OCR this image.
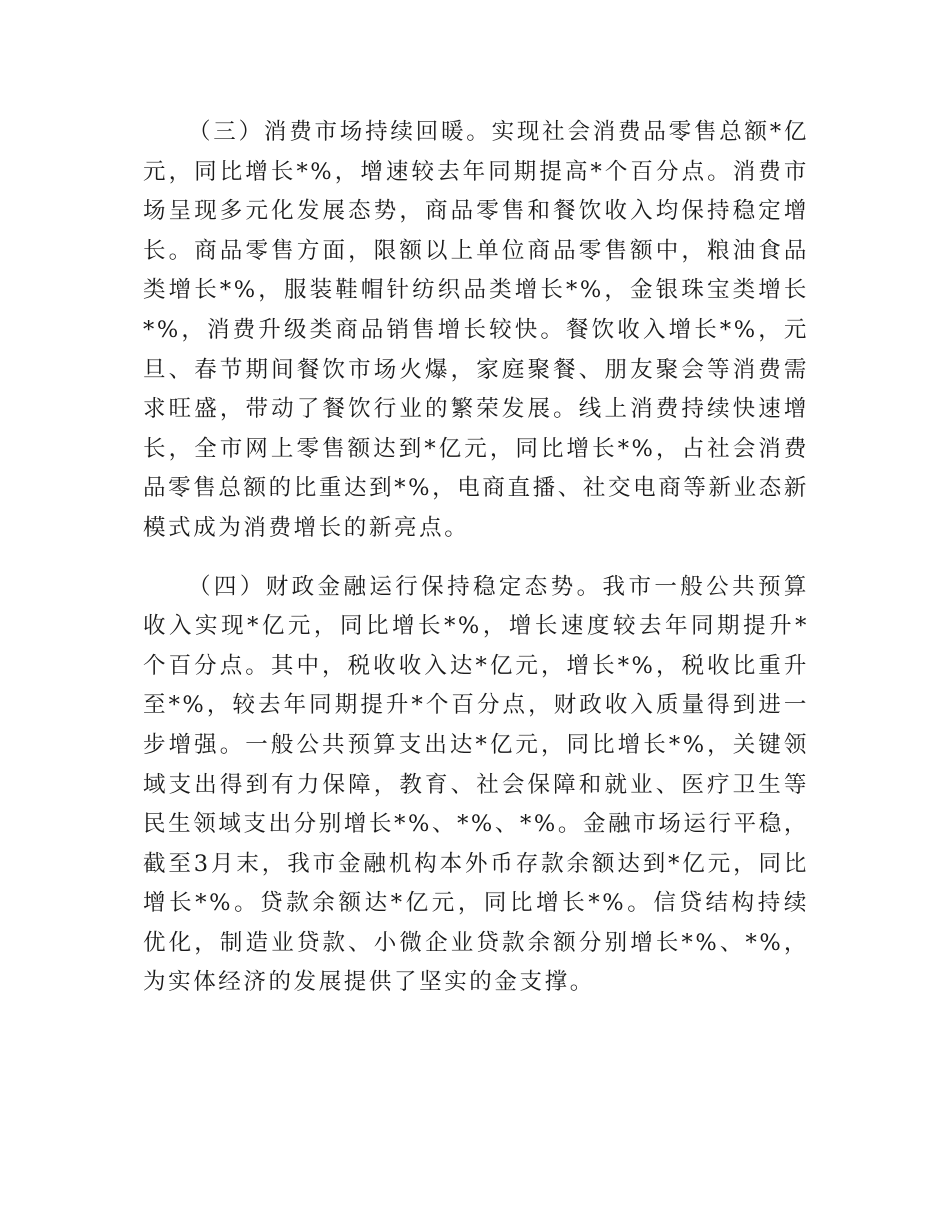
（三）消费市场持续回暖。实现社会消费品零售总额*亿元，同比增长*%，增速较去年同期提高*个百分点。消费市场呈现多元化发展态势，商品零售和餐饮收入均保持稳定增长。商品零售方面，限额以上单位商品零售额中，粮油食品类增长*%，服装鞋帽针纺织品类增长*%，金银珠宝类增长*%，消费升级类商品销售增长较快。餐饮收入增长*%，元旦、春节期间餐饮市场火爆，家庭聚餐、朋友聚会等消费需求旺盛，带动了餐饮行业的繁荣发展。线上消费持续快速增长，全市网上零售额达到*亿元，同比增长*%，占社会消费品零售总额的比重达到*%，电商直播、社交电商等新业态新模式成为消费增长的新亮点。

（四）财政金融运行保持稳定态势。我市一般公共预算收入实现*亿元，同比增长*%，增长速度较去年同期提升*个百分点。其中，税收收入达*亿元，增长*%，税收比重升至*%，较去年同期提升*个百分点，财政收入质量得到进一步增强。一般公共预算支出达*亿元，同比增长*%，关键领域支出得到有力保障，教育、社会保障和就业、医疗卫生等民生领域支出分别增长*%、*%、*%。金融市场运行平稳，截至3月末，我市金融机构本外币存款余额达到*亿元，同比增长*%。贷款余额达*亿元，同比增长*%。信贷结构持续优化，制造业贷款、小微企业贷款余额分别增长*%、*%，为实体经济的发展提供了坚实的金支撑。
